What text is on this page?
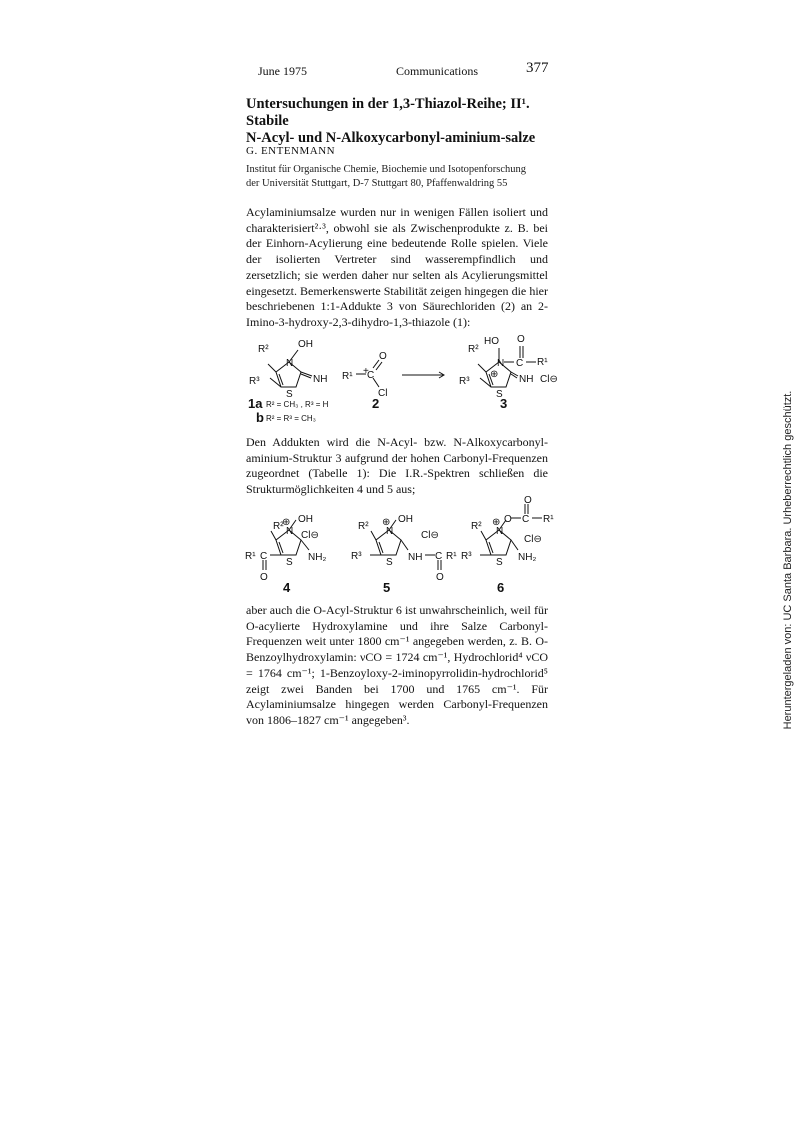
June 1975	Communications	377
Untersuchungen in der 1,3-Thiazol-Reihe; II¹. Stabile
N-Acyl- und N-Alkoxycarbonyl-aminium-salze
G. ENTENMANN
Institut für Organische Chemie, Biochemie und Isotopenforschung
der Universität Stuttgart, D-7 Stuttgart 80, Pfaffenwaldring 55

Acylaminiumsalze wurden nur in wenigen Fällen isoliert und charakterisiert²·³, obwohl sie als Zwischenprodukte z. B. bei der Einhorn-Acylierung eine bedeutende Rolle spielen. Viele der isolierten Vertreter sind wasserempfindlich und zersetzlich; sie werden daher nur selten als Acylierungsmittel eingesetzt. Bemerkenswerte Stabilität zeigen hingegen die hier beschriebenen 1:1-Addukte 3 von Säurechloriden (2) an 2-Imino-3-hydroxy-2,3-dihydro-1,3-thiazole (1):

R²	OH
N
NH
R³
S
+
R¹ C
O
Cl
R²
HO O
N C R¹
⊕ NH Cl⊖
R³
S
1a R² = CH₃ , R³ = H
b R² = R³ = CH₃
2	3

Den Addukten wird die N-Acyl- bzw. N-Alkoxycarbonyl-aminium-Struktur 3 aufgrund der hohen Carbonyl-Frequenzen zugeordnet (Tabelle 1): Die I.R.-Spektren schließen die Strukturmöglichkeiten 4 und 5 aus;

R²
⊕ OH
N Cl⊖
NH₂
R¹ C
O
S
R² ⊕ OH
N	Cl⊖
NH C R¹
O
R³
S
R² ⊕ O C
O
R¹
N
Cl⊖
NH₂
R³
S
4	5	6

aber auch die O-Acyl-Struktur 6 ist unwahrscheinlich, weil für O-acylierte Hydroxylamine und ihre Salze Carbonyl-Frequenzen weit unter 1800 cm⁻¹ angegeben werden, z. B. O-Benzoylhydroxylamin: νCO = 1724 cm⁻¹, Hydrochlorid⁴ νCO = 1764 cm⁻¹; 1-Benzoyloxy-2-iminopyrrolidin-hydrochlorid⁵ zeigt zwei Banden bei 1700 und 1765 cm⁻¹. Für Acylaminiumsalze hingegen werden Carbonyl-Frequenzen von 1806–1827 cm⁻¹ angegeben³.	Heruntergeladen von: UC Santa Barbara. Urheberrechtlich geschützt.
